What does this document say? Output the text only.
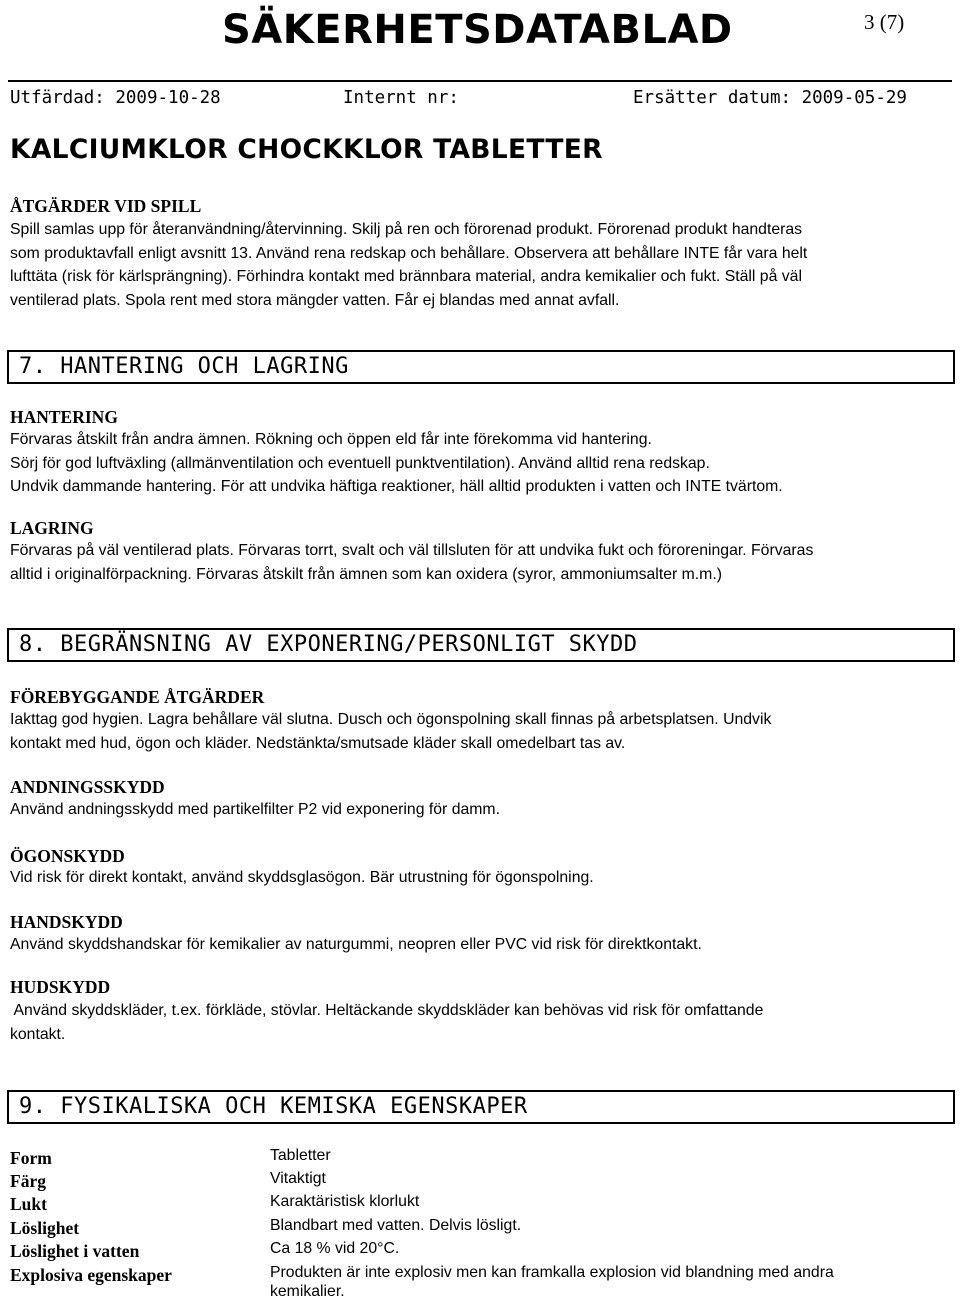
SÄKERHETSDATABLAD	3 (7)
Utfärdad: 2009-10-28	Internt nr:	Ersätter datum: 2009-05-29
KALCIUMKLOR CHOCKKLOR TABLETTER
ÅTGÄRDER VID SPILL
Spill samlas upp för återanvändning/återvinning. Skilj på ren och förorenad produkt. Förorenad produkt handteras
som produktavfall enligt avsnitt 13. Använd rena redskap och behållare. Observera att behållare INTE får vara helt
lufttäta (risk för kärlsprängning). Förhindra kontakt med brännbara material, andra kemikalier och fukt. Ställ på väl
ventilerad plats. Spola rent med stora mängder vatten. Får ej blandas med annat avfall.
7. HANTERING OCH LAGRING
HANTERING
Förvaras åtskilt från andra ämnen. Rökning och öppen eld får inte förekomma vid hantering.
Sörj för god luftväxling (allmänventilation och eventuell punktventilation). Använd alltid rena redskap.
Undvik dammande hantering. För att undvika häftiga reaktioner, häll alltid produkten i vatten och INTE tvärtom.
LAGRING
Förvaras på väl ventilerad plats. Förvaras torrt, svalt och väl tillsluten för att undvika fukt och föroreningar. Förvaras
alltid i originalförpackning. Förvaras åtskilt från ämnen som kan oxidera (syror, ammoniumsalter m.m.)
8. BEGRÄNSNING AV EXPONERING/PERSONLIGT SKYDD
FÖREBYGGANDE ÅTGÄRDER
Iakttag god hygien. Lagra behållare väl slutna. Dusch och ögonspolning skall finnas på arbetsplatsen. Undvik
kontakt med hud, ögon och kläder. Nedstänkta/smutsade kläder skall omedelbart tas av.
ANDNINGSSKYDD
Använd andningsskydd med partikelfilter P2 vid exponering för damm.
ÖGONSKYDD
Vid risk för direkt kontakt, använd skyddsglasögon. Bär utrustning för ögonspolning.
HANDSKYDD
Använd skyddshandskar för kemikalier av naturgummi, neopren eller PVC vid risk för direktkontakt.
HUDSKYDD
Använd skyddskläder, t.ex. förkläde, stövlar. Heltäckande skyddskläder kan behövas vid risk för omfattande
kontakt.
9. FYSIKALISKA OCH KEMISKA EGENSKAPER
Form	Tabletter
Färg	Vitaktigt
Lukt	Karaktäristisk klorlukt
Löslighet	Blandbart med vatten. Delvis lösligt.
Löslighet i vatten	Ca 18 % vid 20°C.
Explosiva egenskaper	Produkten är inte explosiv men kan framkalla explosion vid blandning med andra
kemikalier.
